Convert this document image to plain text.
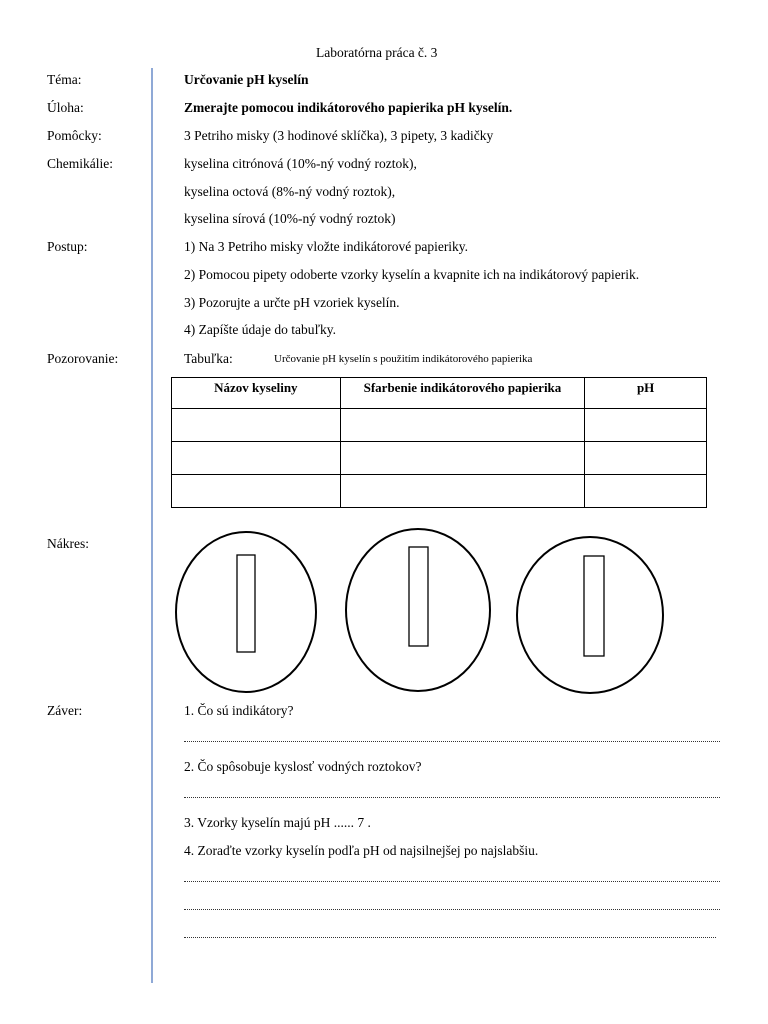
Laboratórna práca č. 3
Téma:	Určovanie pH kyselín
Úloha:	Zmerajte pomocou indikátorového papierika pH kyselín.
Pomôcky:	3 Petriho misky (3 hodinové sklíčka), 3 pipety, 3 kadičky
Chemikálie:	kyselina citrónová (10%-ný vodný roztok),
kyselina octová (8%-ný vodný roztok),
kyselina sírová (10%-ný vodný roztok)
Postup:	1) Na 3 Petriho misky vložte indikátorové papieriky.
2) Pomocou pipety odoberte vzorky kyselín a kvapnite ich na indikátorový papierik.
3) Pozorujte a určte pH vzoriek kyselín.
4) Zapíšte údaje do tabuľky.
Pozorovanie:	Tabuľka:	Určovanie pH kyselín s použitím indikátorového papierika
Názov kyseliny	Sfarbenie indikátorového papierika	pH

Nákres:
Záver:	1. Čo sú indikátory?
2. Čo spôsobuje kyslosť vodných roztokov?
3. Vzorky kyselín majú pH ...... 7 .
4. Zoraďte vzorky kyselín podľa pH od najsilnejšej po najslabšiu.
